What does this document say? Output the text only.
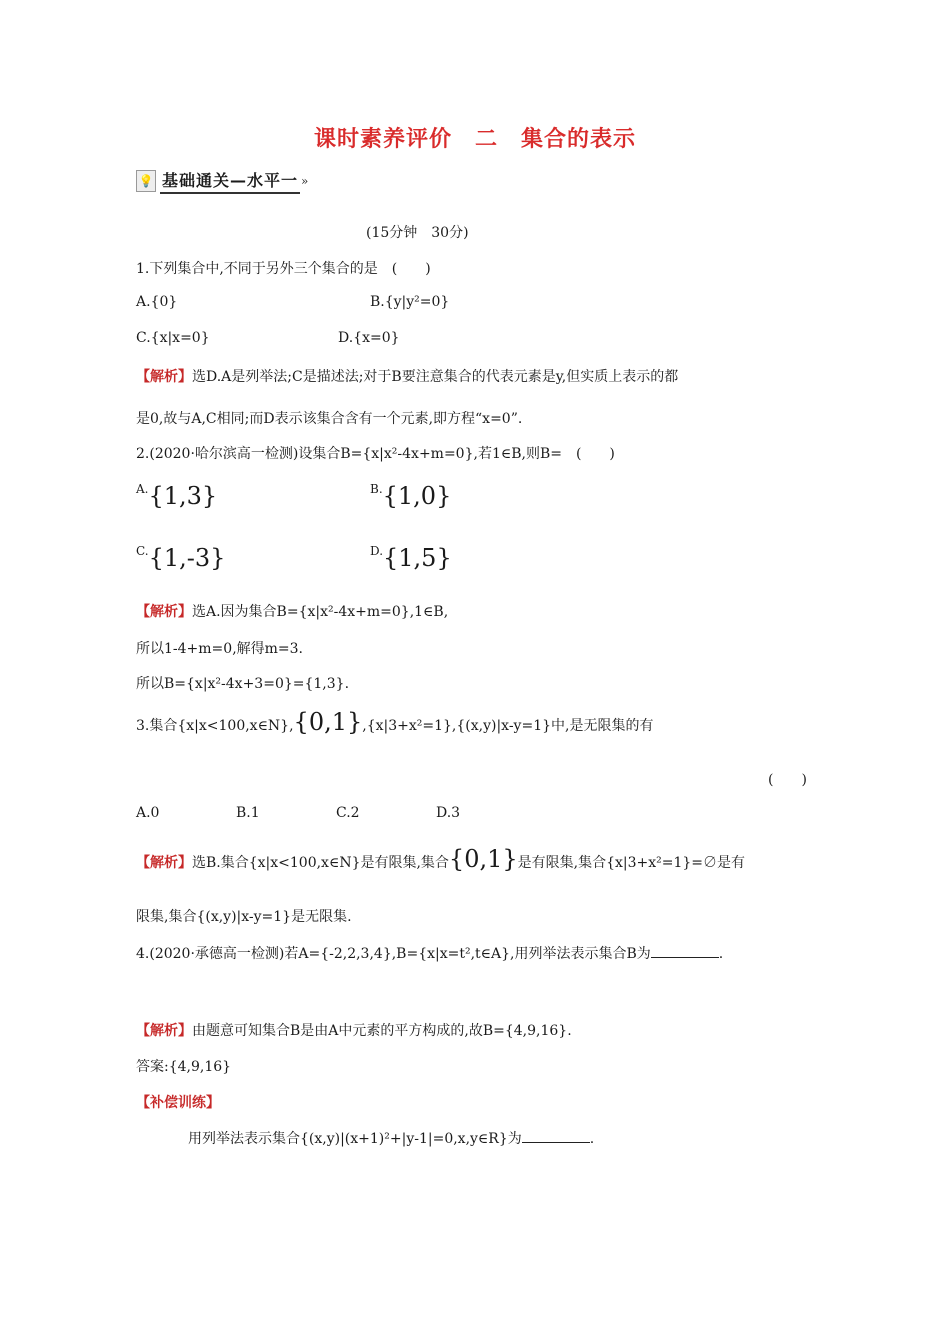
课时素养评价　二　集合的表示
💡 基础通关—水平一 »
(15分钟　30分)
1.下列集合中,不同于另外三个集合的是　(　　)
A.{0}	B.{y|y²=0}
C.{x|x=0}	D.{x=0}
【解析】选D.A是列举法;C是描述法;对于B要注意集合的代表元素是y,但实质上表示的都
是0,故与A,C相同;而D表示该集合含有一个元素,即方程“x=0”.
2.(2020·哈尔滨高一检测)设集合B={x|x²-4x+m=0},若1∈B,则B=　(　　)
$^{A.}${1,3}	$^{B.}${1,0}
$^{C.}${1,-3}	$^{D.}${1,5}
【解析】选A.因为集合B={x|x²-4x+m=0},1∈B,
所以1-4+m=0,解得m=3.
所以B={x|x²-4x+3=0}={1,3}.
3.集合{x|x<100,x∈N},{0,1},{x|3+x²=1},{(x,y)|x-y=1}中,是无限集的有
(　　)
A.0	B.1	C.2	D.3
【解析】选B.集合{x|x<100,x∈N}是有限集,集合{0,1}是有限集,集合{x|3+x²=1}=∅是有
限集,集合{(x,y)|x-y=1}是无限集.
4.(2020·承德高一检测)若A={-2,2,3,4},B={x|x=t²,t∈A},用列举法表示集合B为	.
【解析】由题意可知集合B是由A中元素的平方构成的,故B={4,9,16}.
答案:{4,9,16}
【补偿训练】
用列举法表示集合{(x,y)|(x+1)²+|y-1|=0,x,y∈R}为	.
